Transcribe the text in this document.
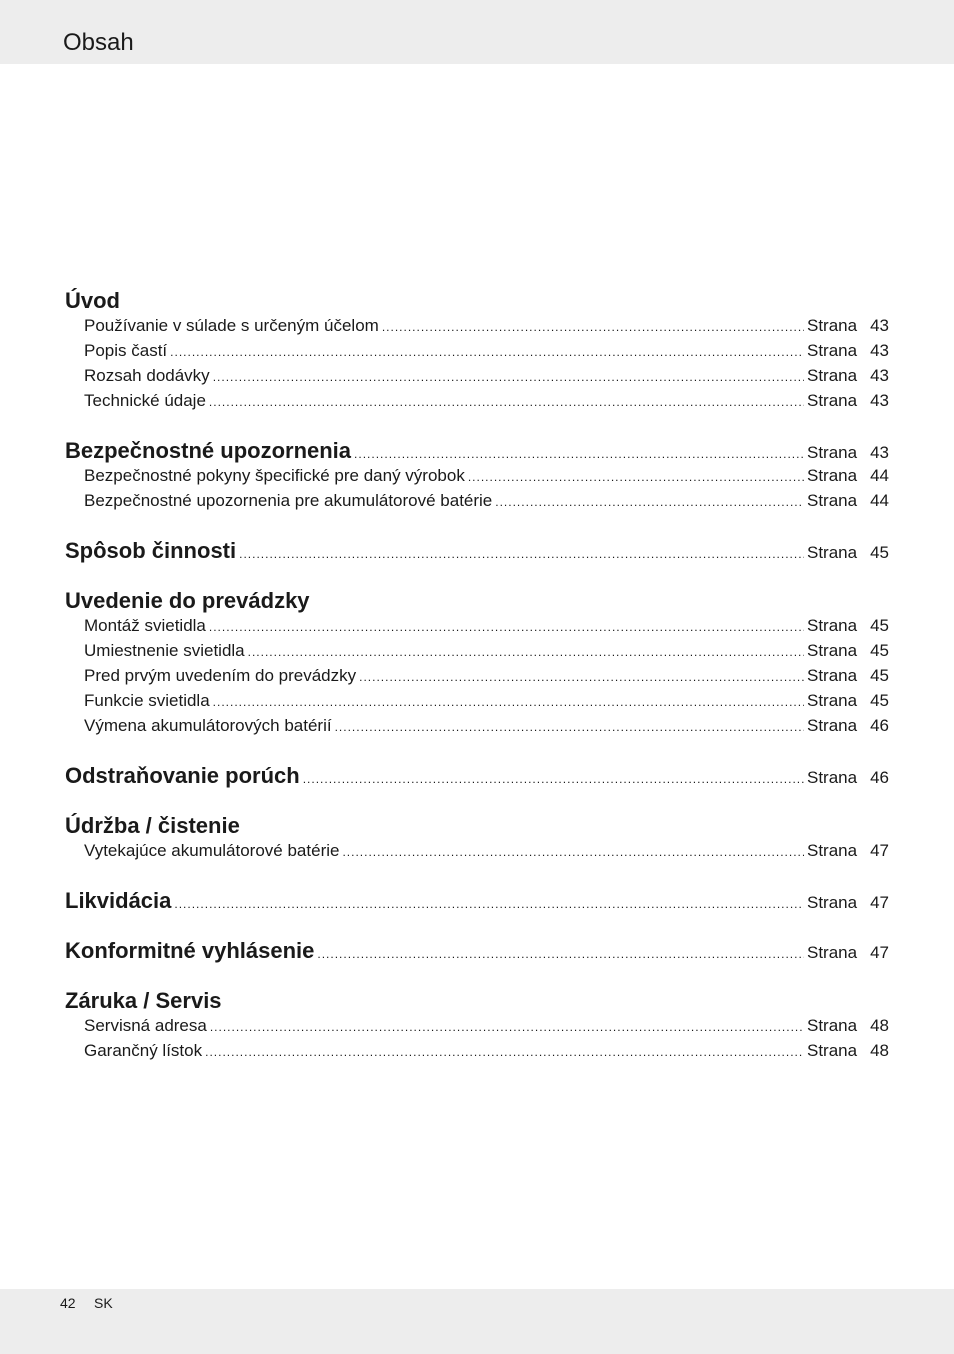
Obsah
Úvod
Používanie v súlade s určeným účelom .....	Strana 43
Popis častí .....	Strana 43
Rozsah dodávky .....	Strana 43
Technické údaje .....	Strana 43
Bezpečnostné upozornenia .....	Strana 43
Bezpečnostné pokyny špecifické pre daný výrobok .....	Strana 44
Bezpečnostné upozornenia pre akumulátorové batérie .....	Strana 44
Spôsob činnosti .....	Strana 45
Uvedenie do prevádzky
Montáž svietidla .....	Strana 45
Umiestnenie svietidla .....	Strana 45
Pred prvým uvedením do prevádzky .....	Strana 45
Funkcie svietidla .....	Strana 45
Výmena akumulátorových batérií .....	Strana 46
Odstraňovanie porúch .....	Strana 46
Údržba / čistenie
Vytekajúce akumulátorové batérie .....	Strana 47
Likvidácia .....	Strana 47
Konformitné vyhlásenie .....	Strana 47
Záruka / Servis
Servisná adresa .....	Strana 48
Garančný lístok .....	Strana 48
42 SK
